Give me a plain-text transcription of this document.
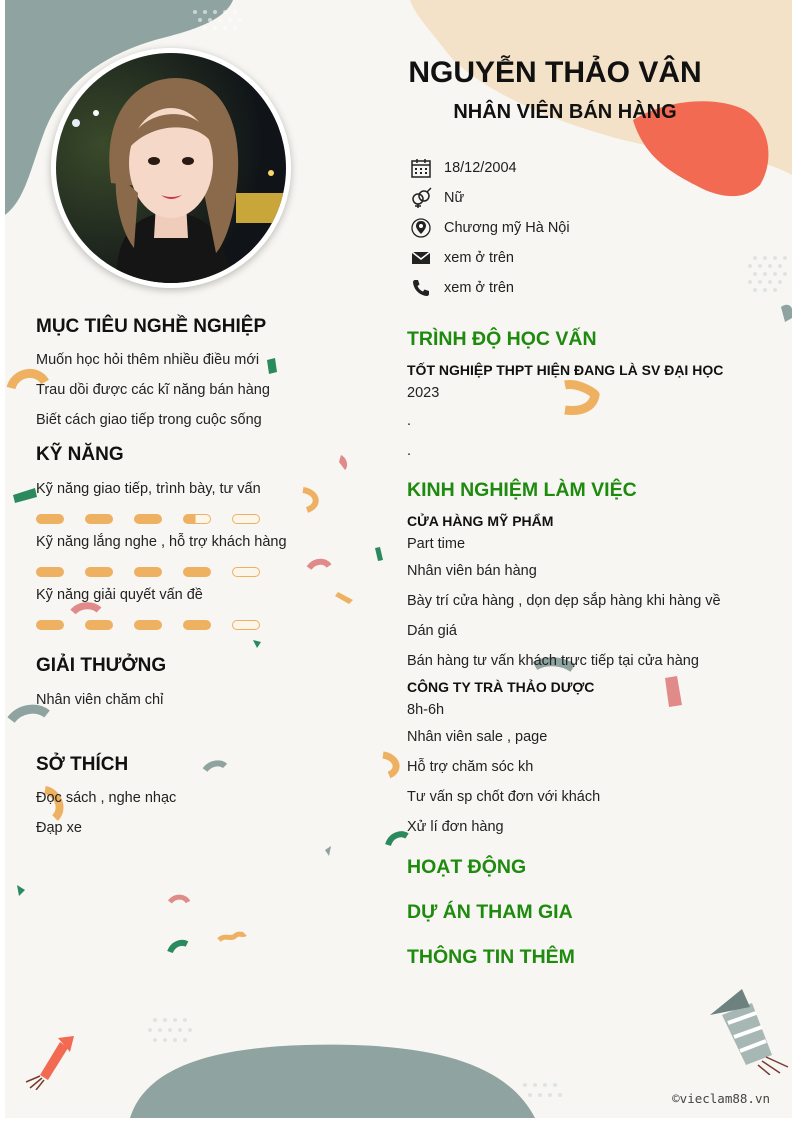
NGUYỄN THẢO VÂN
NHÂN VIÊN BÁN HÀNG
18/12/2004
Nữ
Chương mỹ Hà Nội
xem ở trên
xem ở trên
MỤC TIÊU NGHỀ NGHIỆP
Muốn học hỏi thêm nhiều điều mới
Trau dồi được các kĩ năng bán hàng
Biết cách giao tiếp trong cuộc sống
KỸ NĂNG
Kỹ năng giao tiếp, trình bày, tư vấn
Kỹ năng lắng nghe , hỗ trợ khách hàng
Kỹ năng giải quyết vấn đề
GIẢI THƯỞNG
Nhân viên chăm chỉ
SỞ THÍCH
Đọc sách , nghe nhạc
Đạp xe
TRÌNH ĐỘ HỌC VẤN
TỐT NGHIỆP THPT HIỆN ĐANG LÀ SV ĐẠI HỌC
2023
.
.
KINH NGHIỆM LÀM VIỆC
CỬA HÀNG MỸ PHẨM
Part time
Nhân viên bán hàng
Bày trí cửa hàng , dọn dẹp sắp hàng khi hàng về
Dán giá
Bán hàng tư vấn khách trực tiếp tại cửa hàng
CÔNG TY TRÀ THẢO DƯỢC
8h-6h
Nhân viên sale , page
Hỗ trợ chăm sóc kh
Tư vấn sp chốt đơn với khách
Xử lí đơn hàng
HOẠT ĐỘNG
DỰ ÁN THAM GIA
THÔNG TIN THÊM
©vieclam88.vn
